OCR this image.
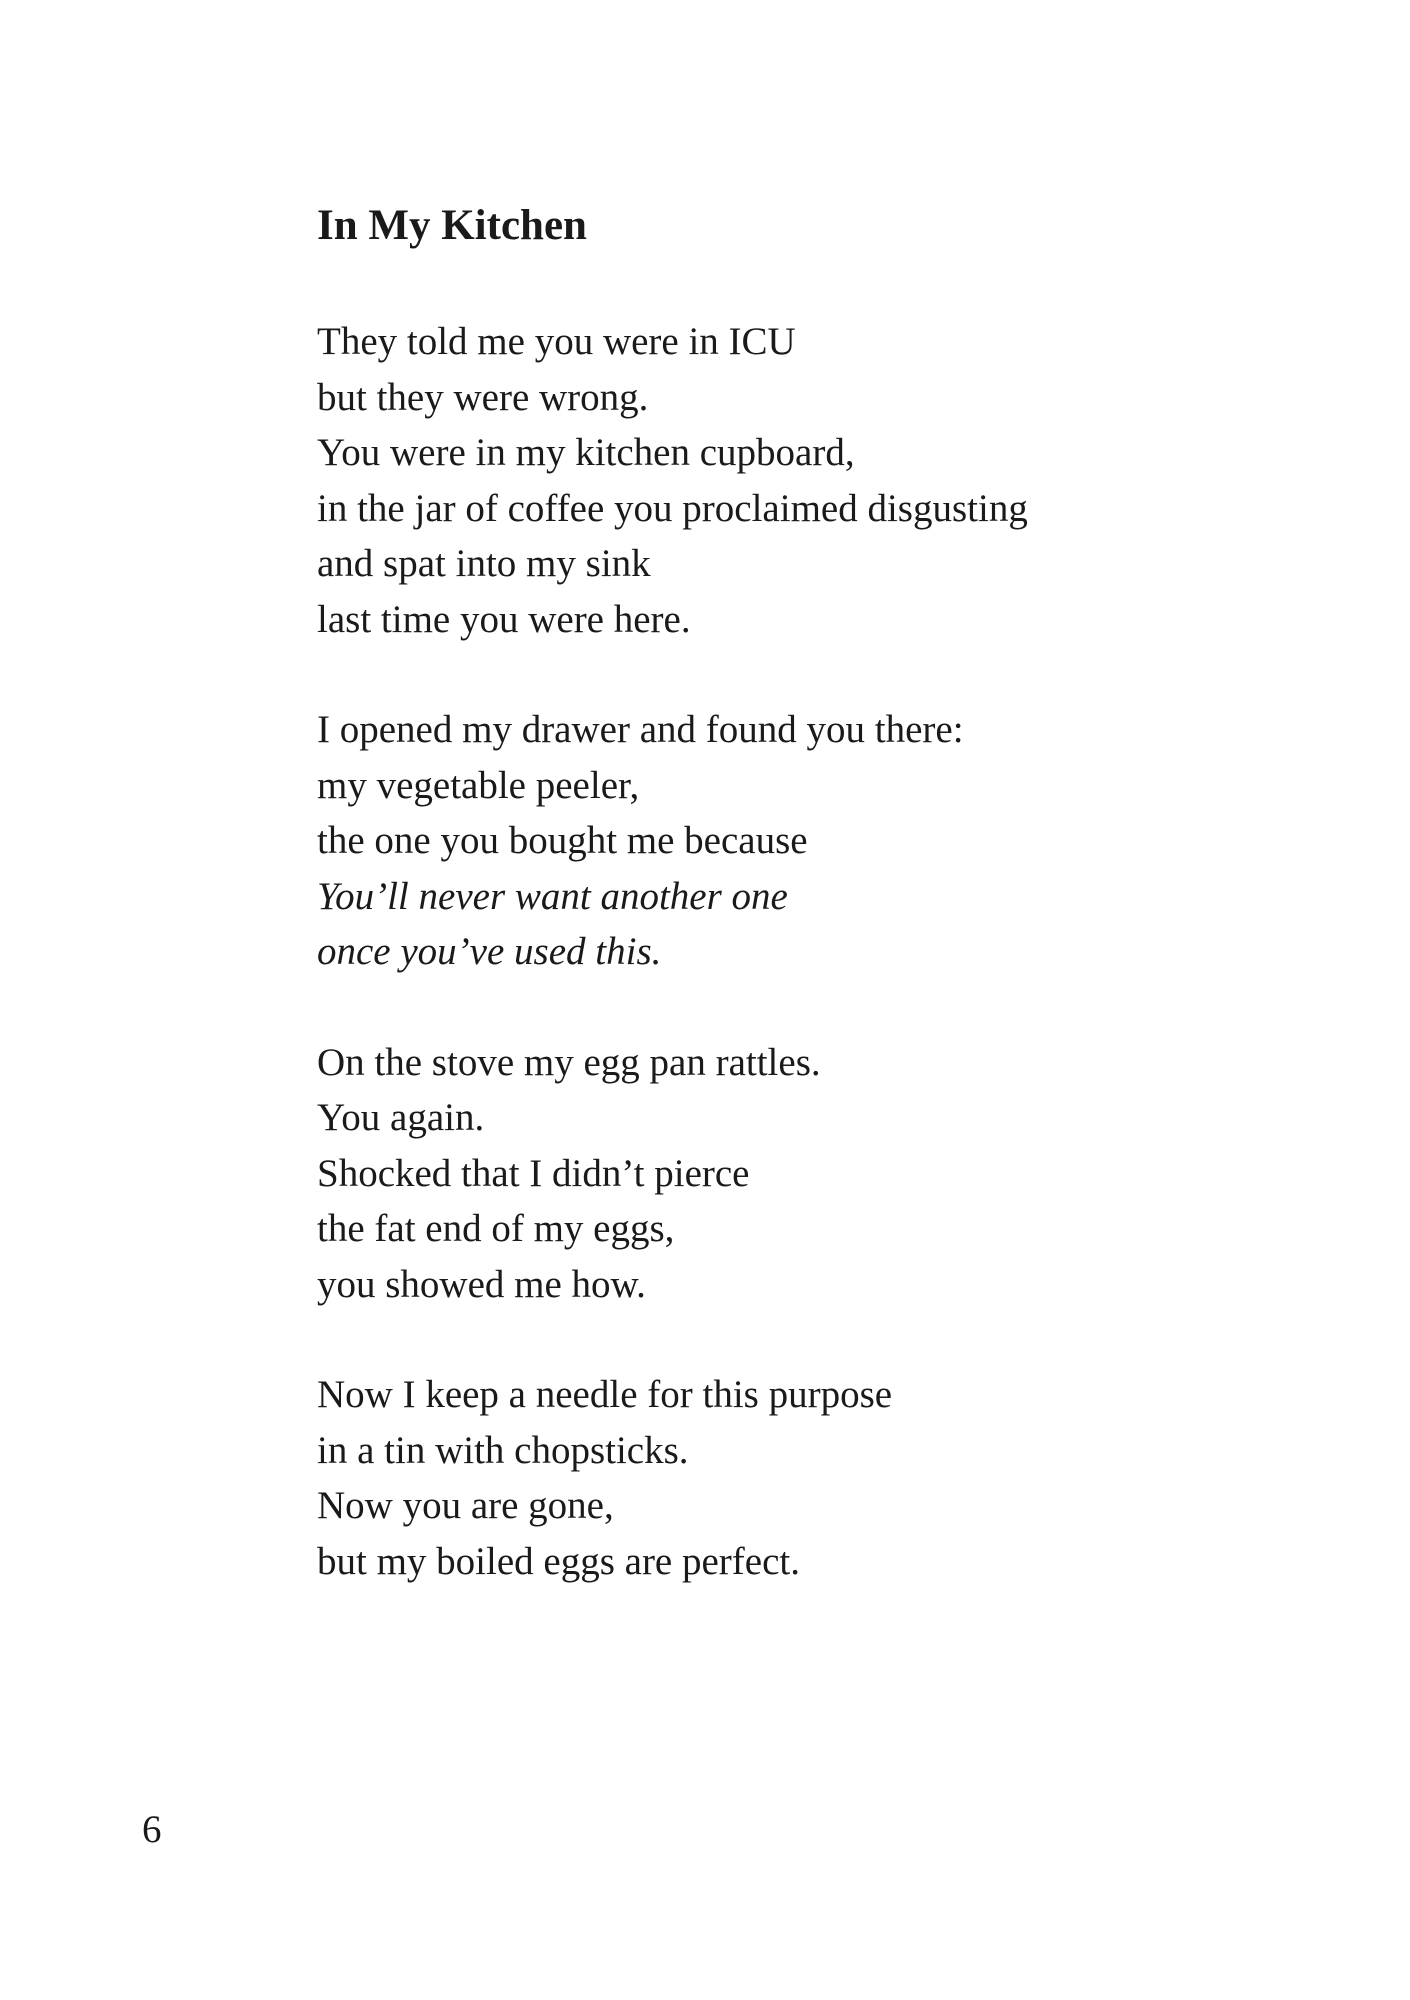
In My Kitchen
They told me you were in ICU
but they were wrong.
You were in my kitchen cupboard,
in the jar of coffee you proclaimed disgusting
and spat into my sink
last time you were here.
I opened my drawer and found you there:
my vegetable peeler,
the one you bought me because
You’ll never want another one
once you’ve used this.
On the stove my egg pan rattles.
You again.
Shocked that I didn’t pierce
the fat end of my eggs,
you showed me how.
Now I keep a needle for this purpose
in a tin with chopsticks.
Now you are gone,
but my boiled eggs are perfect.
6
